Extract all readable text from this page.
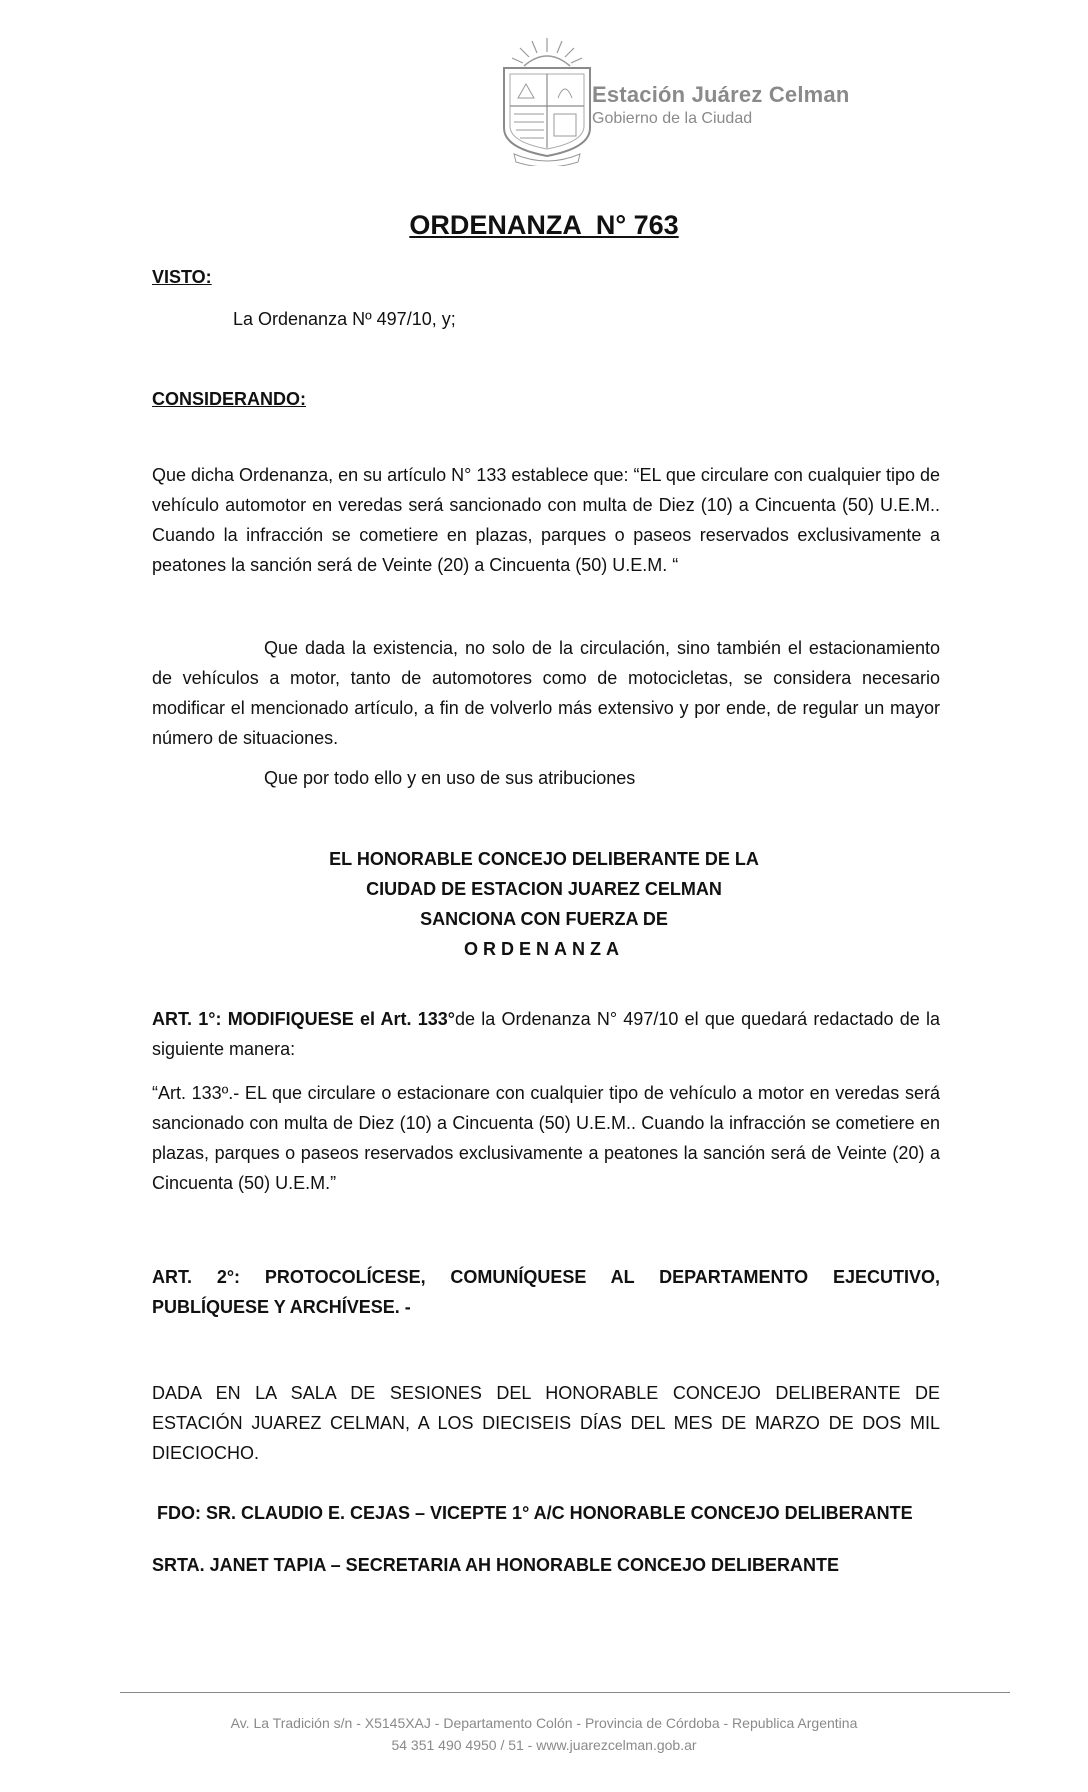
Estación Juárez Celman
Gobierno de la Ciudad
ORDENANZA  N° 763
VISTO:
La Ordenanza Nº 497/10, y;
CONSIDERANDO:
Que dicha Ordenanza, en su artículo N° 133 establece que: “EL que circulare con cualquier tipo de vehículo automotor en veredas será sancionado con multa de Diez (10) a Cincuenta (50) U.E.M.. Cuando la infracción se cometiere en plazas, parques o paseos reservados exclusivamente a peatones la sanción será de Veinte (20) a Cincuenta (50) U.E.M. “
Que dada la existencia, no solo de la circulación, sino también el estacionamiento de vehículos a motor, tanto de automotores como de motocicletas, se considera necesario modificar el mencionado artículo, a fin de volverlo más extensivo y por ende, de regular un mayor número de situaciones.
Que por todo ello y en uso de sus atribuciones
EL HONORABLE CONCEJO DELIBERANTE DE LA
CIUDAD DE ESTACION JUAREZ CELMAN
SANCIONA CON FUERZA DE
ORDENANZA
ART. 1°: MODIFIQUESE el Art. 133°de la Ordenanza N° 497/10 el que quedará redactado de la siguiente manera:
“Art. 133º.- EL que circulare o estacionare con cualquier tipo de vehículo a motor en veredas será sancionado con multa de Diez (10) a Cincuenta (50) U.E.M.. Cuando la infracción se cometiere en plazas, parques o paseos reservados exclusivamente a peatones la sanción será de Veinte (20) a Cincuenta (50) U.E.M.”
ART. 2°: PROTOCOLÍCESE, COMUNÍQUESE AL DEPARTAMENTO EJECUTIVO, PUBLÍQUESE Y ARCHÍVESE. -
DADA EN LA SALA DE SESIONES DEL HONORABLE CONCEJO DELIBERANTE DE ESTACIÓN JUAREZ CELMAN, A LOS DIECISEIS DÍAS DEL MES DE MARZO DE DOS MIL DIECIOCHO.
FDO: SR. CLAUDIO E. CEJAS – VICEPTE 1° A/C HONORABLE CONCEJO DELIBERANTE
SRTA. JANET TAPIA – SECRETARIA AH HONORABLE CONCEJO DELIBERANTE
Av. La Tradición s/n - X5145XAJ - Departamento Colón - Provincia de Córdoba - Republica Argentina
54 351 490 4950 / 51 - www.juarezcelman.gob.ar
